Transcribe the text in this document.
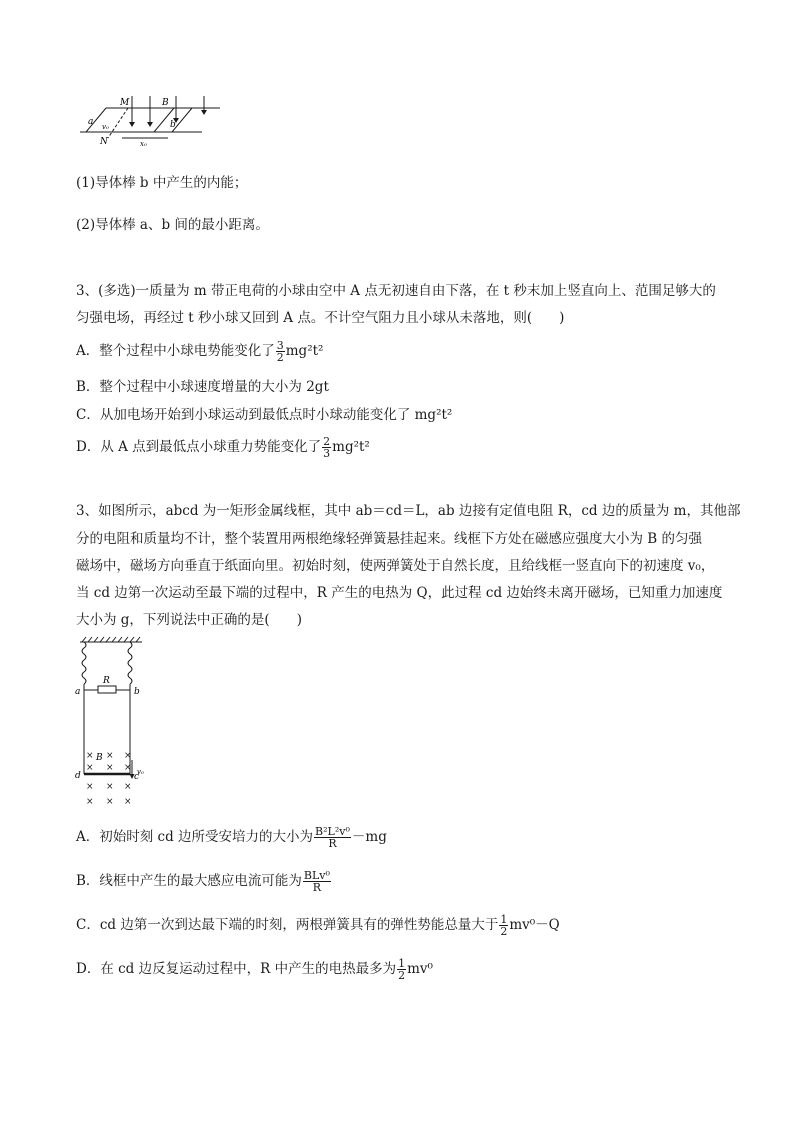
M	B
a	b
N
v₀
x₀
(1)导体棒 b 中产生的内能；
(2)导体棒 a、b 间的最小距离。
3、(多选)一质量为 m 带正电荷的小球由空中 A 点无初速自由下落，在 t 秒末加上竖直向上、范围足够大的
匀强电场，再经过 t 秒小球又回到 A 点。不计空气阻力且小球从未落地，则(　　)
A．整个过程中小球电势能变化了 $\frac{3}{2} mg^2t^2$
B．整个过程中小球速度增量的大小为 2gt
C．从加电场开始到小球运动到最低点时小球动能变化了 mg²t²
D．从 A 点到最低点小球重力势能变化了 $\frac{2}{3} mg^2t^2$
3、如图所示，abcd 为一矩形金属线框，其中 ab＝cd＝L，ab 边接有定值电阻 R，cd 边的质量为 m，其他部
分的电阻和质量均不计，整个装置用两根绝缘轻弹簧悬挂起来。线框下方处在磁感应强度大小为 B 的匀强
磁场中，磁场方向垂直于纸面向里。初始时刻，使两弹簧处于自然长度，且给线框一竖直向下的初速度 v₀，
当 cd 边第一次运动至最下端的过程中，R 产生的电热为 Q，此过程 cd 边始终未离开磁场，已知重力加速度
大小为 g，下列说法中正确的是(　　)
R
a	b
B
d	c
v₀
× × ×
× × ×
× × ×
× × ×
A．初始时刻 cd 边所受安培力的大小为 $\frac{\text{B²L²v⁰}}{R} -mg$
B．线框中产生的最大感应电流可能为 $\frac{\text{BLv⁰}}{R}$
C．cd 边第一次到达最下端的时刻，两根弹簧具有的弹性势能总量大于 $\frac{1}{2} mv^0-Q$
D．在 cd 边反复运动过程中，R 中产生的电热最多为 $\frac{1}{2} mv^0$
